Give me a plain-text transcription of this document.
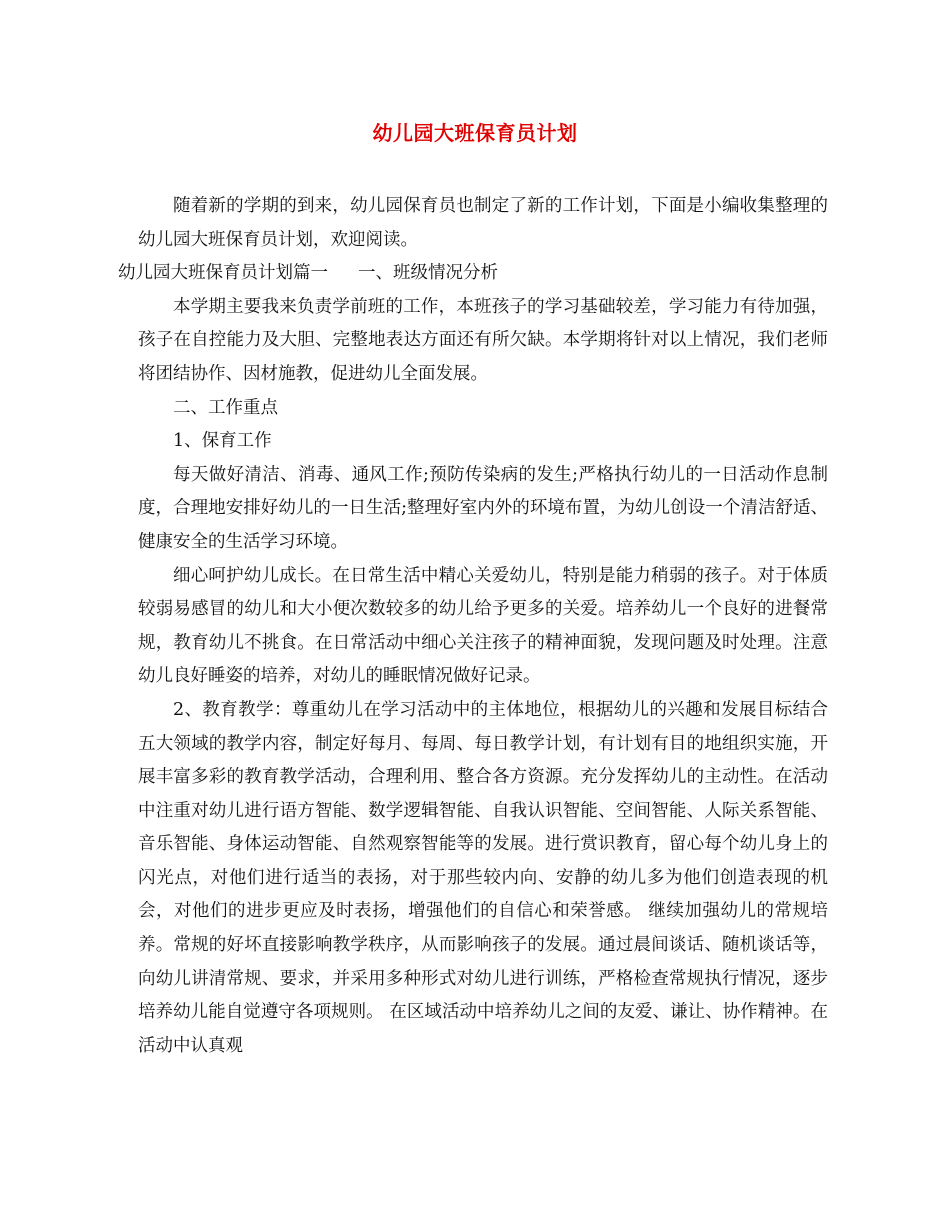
幼儿园大班保育员计划

随着新的学期的到来，幼儿园保育员也制定了新的工作计划，下面是小编收集整理的幼儿园大班保育员计划，欢迎阅读。

幼儿园大班保育员计划篇一 一、班级情况分析

本学期主要我来负责学前班的工作，本班孩子的学习基础较差，学习能力有待加强，孩子在自控能力及大胆、完整地表达方面还有所欠缺。本学期将针对以上情况，我们老师将团结协作、因材施教，促进幼儿全面发展。

二、工作重点

1、保育工作

每天做好清洁、消毒、通风工作;预防传染病的发生;严格执行幼儿的一日活动作息制度，合理地安排好幼儿的一日生活;整理好室内外的环境布置，为幼儿创设一个清洁舒适、健康安全的生活学习环境。

细心呵护幼儿成长。在日常生活中精心关爱幼儿，特别是能力稍弱的孩子。对于体质较弱易感冒的幼儿和大小便次数较多的幼儿给予更多的关爱。培养幼儿一个良好的进餐常规，教育幼儿不挑食。在日常活动中细心关注孩子的精神面貌，发现问题及时处理。注意幼儿良好睡姿的培养，对幼儿的睡眠情况做好记录。

2、教育教学：尊重幼儿在学习活动中的主体地位，根据幼儿的兴趣和发展目标结合五大领域的教学内容，制定好每月、每周、每日教学计划，有计划有目的地组织实施，开展丰富多彩的教育教学活动，合理利用、整合各方资源。充分发挥幼儿的主动性。在活动中注重对幼儿进行语方智能、数学逻辑智能、自我认识智能、空间智能、人际关系智能、音乐智能、身体运动智能、自然观察智能等的发展。进行赏识教育，留心每个幼儿身上的闪光点，对他们进行适当的表扬，对于那些较内向、安静的幼儿多为他们创造表现的机会，对他们的进步更应及时表扬，增强他们的自信心和荣誉感。 继续加强幼儿的常规培养。常规的好坏直接影响教学秩序，从而影响孩子的发展。通过晨间谈话、随机谈话等，向幼儿讲清常规、要求，并采用多种形式对幼儿进行训练，严格检查常规执行情况，逐步培养幼儿能自觉遵守各项规则。 在区域活动中培养幼儿之间的友爱、谦让、协作精神。在活动中认真观
